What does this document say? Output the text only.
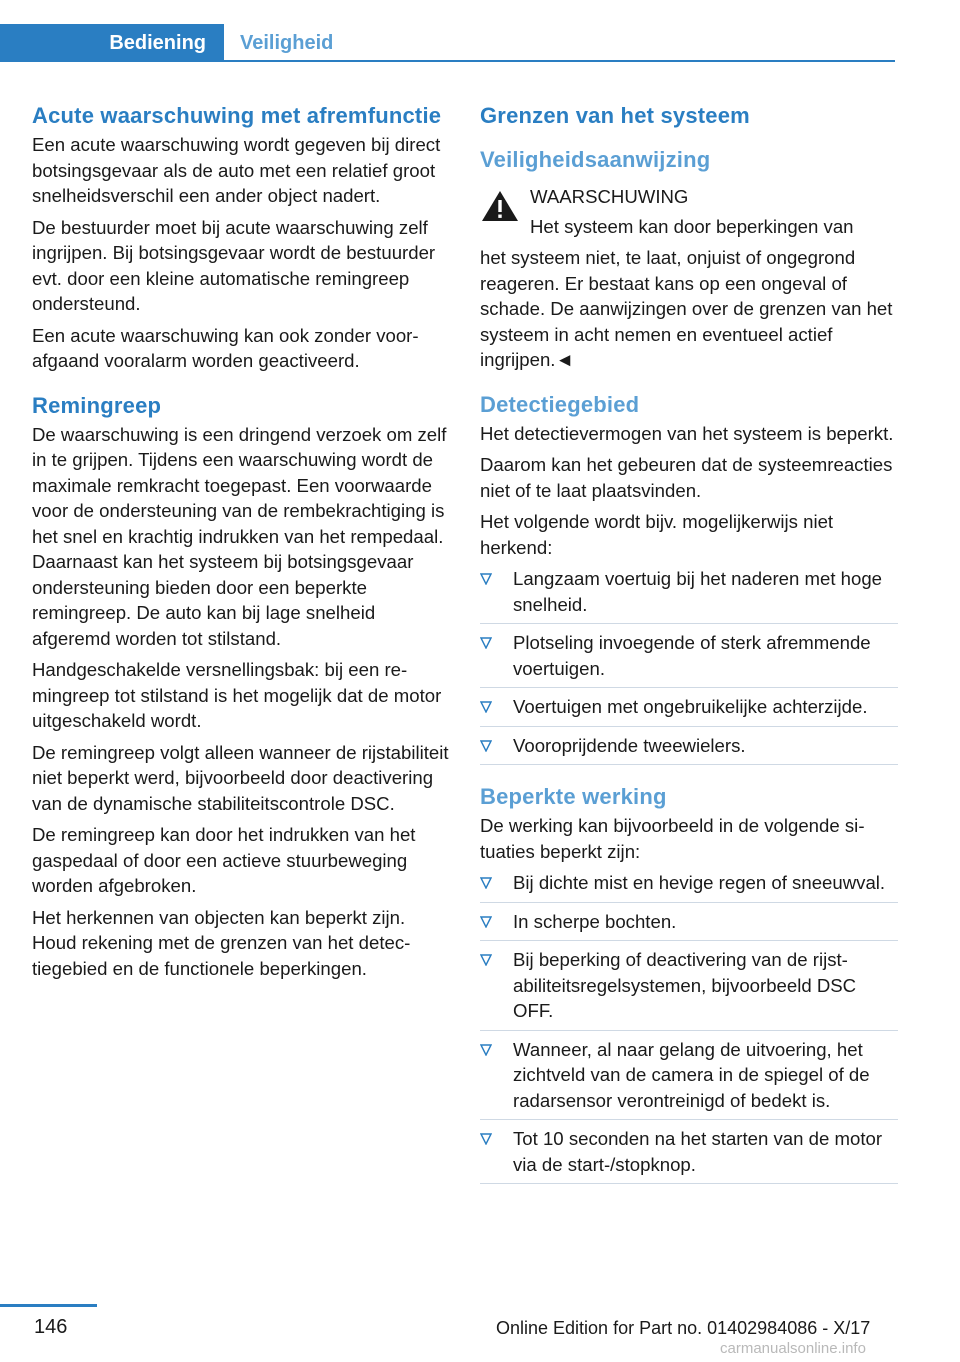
Bediening	Veiligheid
Acute waarschuwing met afremfunctie

Een acute waarschuwing wordt gegeven bij direct botsingsgevaar als de auto met een relatief groot snelheidsverschil een ander object nadert.

De bestuurder moet bij acute waarschuwing zelf ingrijpen. Bij botsingsgevaar wordt de bestuurder evt. door een kleine automatische remingreep ondersteund.

Een acute waarschuwing kan ook zonder voorafgaand vooralarm worden geactiveerd.

Remingreep

De waarschuwing is een dringend verzoek om zelf in te grijpen. Tijdens een waarschuwing wordt de maximale remkracht toegepast. Een voorwaarde voor de ondersteuning van de rembekrachtiging is het snel en krachtig indrukken van het rempedaal. Daarnaast kan het systeem bij botsingsgevaar ondersteuning bieden door een beperkte remingreep. De auto kan bij lage snelheid afgeremd worden tot stilstand.

Handgeschakelde versnellingsbak: bij een remingreep tot stilstand is het mogelijk dat de motor uitgeschakeld wordt.

De remingreep volgt alleen wanneer de rijstabiliteit niet beperkt werd, bijvoorbeeld door deactivering van de dynamische stabiliteitscontrole DSC.

De remingreep kan door het indrukken van het gaspedaal of door een actieve stuurbeweging worden afgebroken.

Het herkennen van objecten kan beperkt zijn. Houd rekening met de grenzen van het detectiegebied en de functionele beperkingen.

Grenzen van het systeem
Veiligheidsaanwijzing

WAARSCHUWING

Het systeem kan door beperkingen van

het systeem niet, te laat, onjuist of ongegrond reageren. Er bestaat kans op een ongeval of schade. De aanwijzingen over de grenzen van het systeem in acht nemen en eventueel actief ingrijpen.◄

Detectiegebied

Het detectievermogen van het systeem is beperkt.

Daarom kan het gebeuren dat de systeemreacties niet of te laat plaatsvinden.

Het volgende wordt bijv. mogelijkerwijs niet herkend:

Langzaam voertuig bij het naderen met hoge snelheid.
Plotseling invoegende of sterk afremmende voertuigen.
Voertuigen met ongebruikelijke achterzijde.
Vooroprijdende tweewielers.
Beperkte werking

De werking kan bijvoorbeeld in de volgende situaties beperkt zijn:

Bij dichte mist en hevige regen of sneeuwval.
In scherpe bochten.
Bij beperking of deactivering van de rijstabiliteitsregelsystemen, bijvoorbeeld DSC OFF.
Wanneer, al naar gelang de uitvoering, het zichtveld van de camera in de spiegel of de radarsensor verontreinigd of bedekt is.
Tot 10 seconden na het starten van de motor via de start-/stopknop.
146	Online Edition for Part no. 01402984086 - X/17
carmanualsonline.info
